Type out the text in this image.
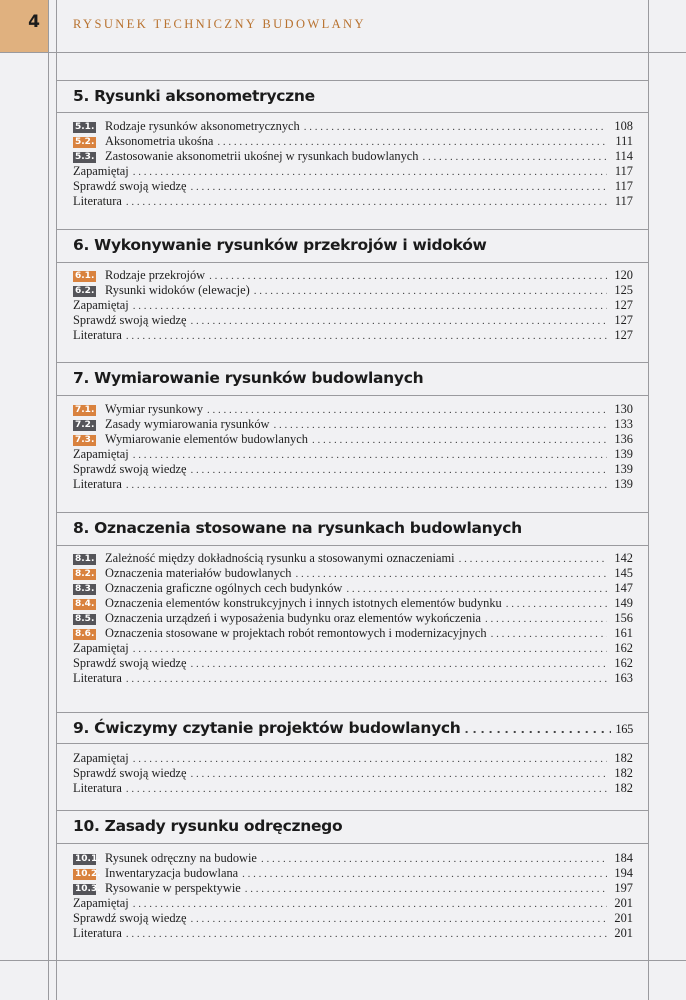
4	RYSUNEK TECHNICZNY BUDOWLANY
5. Rysunki aksonometryczne
5.1. Rodzaje rysunków aksonometrycznych . . .	108
5.2. Aksonometria ukośna . . .	111
5.3. Zastosowanie aksonometrii ukośnej w rysunkach budowlanych . . .	114
Zapamiętaj . . .	117
Sprawdź swoją wiedzę . . .	117
Literatura . . .	117
6. Wykonywanie rysunków przekrojów i widoków
6.1. Rodzaje przekrojów . . .	120
6.2. Rysunki widoków (elewacje) . . .	125
Zapamiętaj . . .	127
Sprawdź swoją wiedzę . . .	127
Literatura . . .	127
7. Wymiarowanie rysunków budowlanych
7.1. Wymiar rysunkowy . . .	130
7.2. Zasady wymiarowania rysunków . . .	133
7.3. Wymiarowanie elementów budowlanych . . .	136
Zapamiętaj . . .	139
Sprawdź swoją wiedzę . . .	139
Literatura . . .	139
8. Oznaczenia stosowane na rysunkach budowlanych
8.1. Zależność między dokładnością rysunku a stosowanymi oznaczeniami . . .	142
8.2. Oznaczenia materiałów budowlanych . . .	145
8.3. Oznaczenia graficzne ogólnych cech budynków . . .	147
8.4. Oznaczenia elementów konstrukcyjnych i innych istotnych elementów budynku . . .	149
8.5. Oznaczenia urządzeń i wyposażenia budynku oraz elementów wykończenia . . .	156
8.6. Oznaczenia stosowane w projektach robót remontowych i modernizacyjnych . . .	161
Zapamiętaj . . .	162
Sprawdź swoją wiedzę . . .	162
Literatura . . .	163
9. Ćwiczymy czytanie projektów budowlanych . . .	165
Zapamiętaj . . .	182
Sprawdź swoją wiedzę . . .	182
Literatura . . .	182
10. Zasady rysunku odręcznego
10.1. Rysunek odręczny na budowie . . .	184
10.2. Inwentaryzacja budowlana . . .	194
10.3. Rysowanie w perspektywie . . .	197
Zapamiętaj . . .	201
Sprawdź swoją wiedzę . . .	201
Literatura . . .	201
